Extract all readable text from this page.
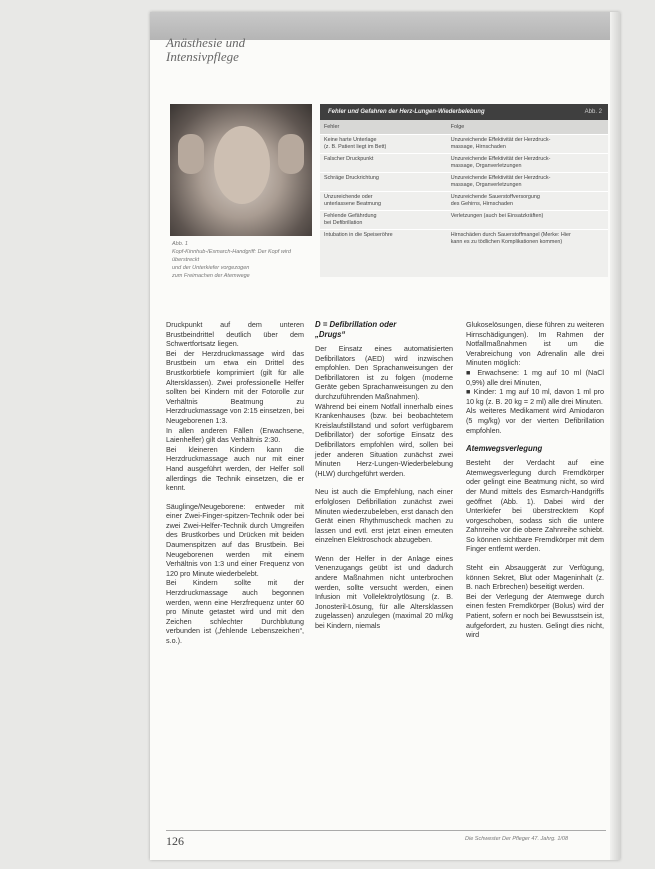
Anästhesie und
Intensivpflege
Abb. 1
Kopf-Kinnhub-/Esmarch-Handgriff: Der Kopf wird überstreckt
und der Unterkiefer vorgezogen
zum Freimachen der Atemwege
Fehler und Gefahren der Herz-Lungen-Wiederbelebung	Abb. 2
Fehler	Folge

Keine harte Unterlage
(z. B. Patient liegt im Bett)	Unzureichende Effektivität der Herzdruck-
massage, Hirnschaden

Falscher Druckpunkt	Unzureichende Effektivität der Herzdruck-
massage, Organverletzungen

Schräge Druckrichtung	Unzureichende Effektivität der Herzdruck-
massage, Organverletzungen

Unzureichende oder
unterlassene Beatmung	Unzureichende Sauerstoffversorgung
des Gehirns, Hirnschaden

Fehlende Gefährdung
bei Defibrillation	Verletzungen (auch bei Einsatzkräften)

Intubation in die Speiseröhre	Hirnschäden durch Sauerstoffmangel (Merke: Hier
kann es zu tödlichen Komplikationen kommen)

Druckpunkt auf dem unteren Brustbeindrittel deutlich über dem Schwertfortsatz liegen.

Bei der Herzdruckmassage wird das Brustbein um etwa ein Drittel des Brustkorbtiefe komprimiert (gilt für alle Altersklassen). Zwei professionelle Helfer sollten bei Kindern mit der Fotorolle zur Verhältnis Beatmung zu Herzdruckmassage von 2:15 einsetzen, bei Neugeborenen 1:3.

In allen anderen Fällen (Erwachsene, Laienhelfer) gilt das Verhältnis 2:30.

Bei kleineren Kindern kann die Herzdruckmassage auch nur mit einer Hand ausgeführt werden, der Helfer soll allerdings die Technik einsetzen, die er kennt.

Säuglinge/Neugeborene: entweder mit einer Zwei-Finger-spitzen-Technik oder bei zwei Zwei-Helfer-Technik durch Umgreifen des Brustkorbes und Drücken mit beiden Daumenspitzen auf das Brustbein. Bei Neugeborenen werden mit einem Verhältnis von 1:3 und einer Frequenz von 120 pro Minute wiederbelebt.

Bei Kindern sollte mit der Herzdruckmassage auch begonnen werden, wenn eine Herzfrequenz unter 60 pro Minute getastet wird und mit den Zeichen schlechter Durchblutung verbunden ist („fehlende Lebenszeichen“, s.o.).

D = Defibrillation oder
„Drugs“

Der Einsatz eines automatisierten Defibrillators (AED) wird inzwischen empfohlen. Den Sprachanweisungen der Defibrillatoren ist zu folgen (moderne Geräte geben Sprachanweisungen zu den durchzuführenden Maßnahmen).

Während bei einem Notfall innerhalb eines Krankenhauses (bzw. bei beobachtetem Kreislaufstillstand und sofort verfügbarem Defibrillator) der sofortige Einsatz des Defibrillators empfohlen wird, sollen bei jeder anderen Situation zunächst zwei Minuten Herz-Lungen-Wiederbelebung (HLW) durchgeführt werden.

Neu ist auch die Empfehlung, nach einer erfolglosen Defibrillation zunächst zwei Minuten wiederzubeleben, erst danach den Gerät einen Rhythmuscheck machen zu lassen und evtl. erst jetzt einen erneuten einzelnen Elektroschock abzugeben.

Wenn der Helfer in der Anlage eines Venenzugangs geübt ist und dadurch andere Maßnahmen nicht unterbrochen werden, sollte versucht werden, einen Infusion mit Vollelektrolytlösung (z. B. Jonosteril-Lösung, für alle Altersklassen zugelassen) anzulegen (maximal 20 ml/kg bei Kindern, niemals

Glukoselösungen, diese führen zu weiteren Hirnschädigungen). Im Rahmen der Notfallmaßnahmen ist um die Verabreichung von Adrenalin alle drei Minuten möglich:

■ Erwachsene: 1 mg auf 10 ml (NaCl 0,9%) alle drei Minuten,

■ Kinder: 1 mg auf 10 ml, davon 1 ml pro 10 kg (z. B. 20 kg = 2 ml) alle drei Minuten.

Als weiteres Medikament wird Amiodaron (5 mg/kg) vor der vierten Defibrillation empfohlen.

Atemwegsverlegung

Besteht der Verdacht auf eine Atemwegsverlegung durch Fremdkörper oder gelingt eine Beatmung nicht, so wird der Mund mittels des Esmarch-Handgriffs geöffnet (Abb. 1). Dabei wird der Unterkiefer bei überstrecktem Kopf vorgeschoben, sodass sich die untere Zahnreihe vor die obere Zahnreihe schiebt. So können sichtbare Fremdkörper mit dem Finger entfernt werden.

Steht ein Absauggerät zur Verfügung, können Sekret, Blut oder Mageninhalt (z. B. nach Erbrechen) beseitigt werden.

Bei der Verlegung der Atemwege durch einen festen Fremdkörper (Bolus) wird der Patient, sofern er noch bei Bewusstsein ist, aufgefordert, zu husten. Gelingt dies nicht, wird

126	Die Schwester Der Pfleger 47. Jahrg. 1/08
